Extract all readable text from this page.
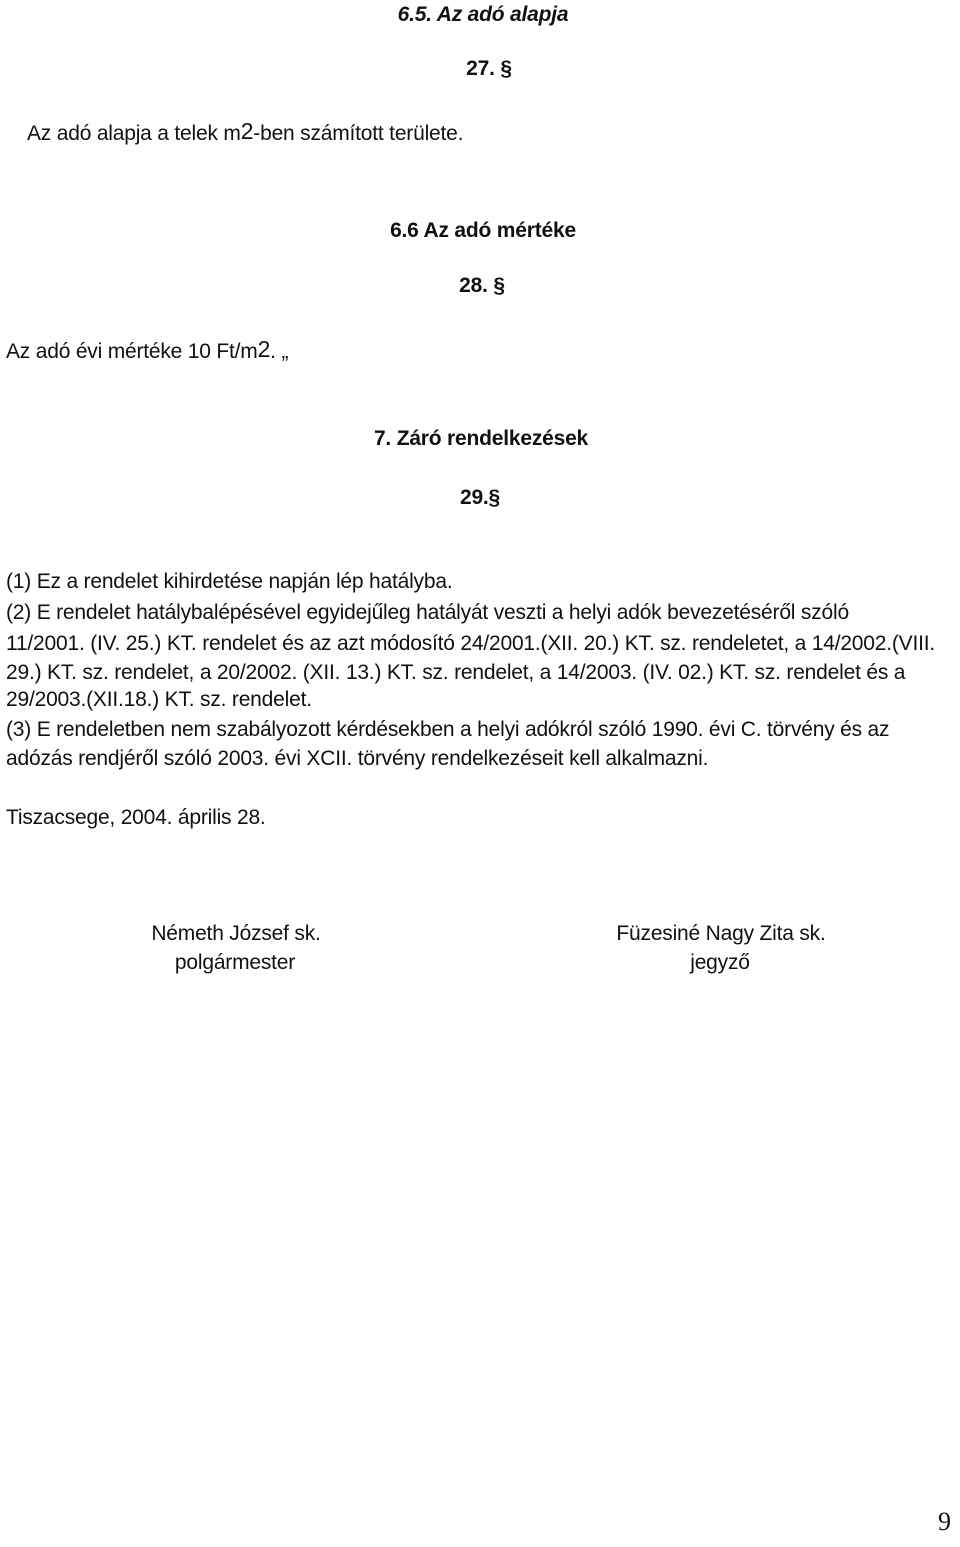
6.5. Az adó alapja
27. §
Az adó alapja a telek $m^2$-ben számított területe.
6.6 Az adó mértéke
28. §
Az adó évi mértéke 10 $Ft/m^2$. „
7. Záró rendelkezések
29.§
(1) Ez a rendelet kihirdetése napján lép hatályba.
(2) E rendelet hatálybalépésével egyidejűleg hatályát veszti a helyi adók bevezetéséről szóló
11/2001. (IV. 25.) KT. rendelet és az azt módosító 24/2001.(XII. 20.) KT. sz. rendeletet, a 14/2002.(VIII.
29.) KT. sz. rendelet, a 20/2002. (XII. 13.) KT. sz. rendelet, a 14/2003. (IV. 02.) KT. sz. rendelet és a
29/2003.(XII.18.) KT. sz. rendelet.
(3) E rendeletben nem szabályozott kérdésekben a helyi adókról szóló 1990. évi C. törvény és az
adózás rendjéről szóló 2003. évi XCII. törvény rendelkezéseit kell alkalmazni.
Tiszacsege, 2004. április 28.
Németh József sk.
polgármester
Füzesiné Nagy Zita sk.
jegyző
9
